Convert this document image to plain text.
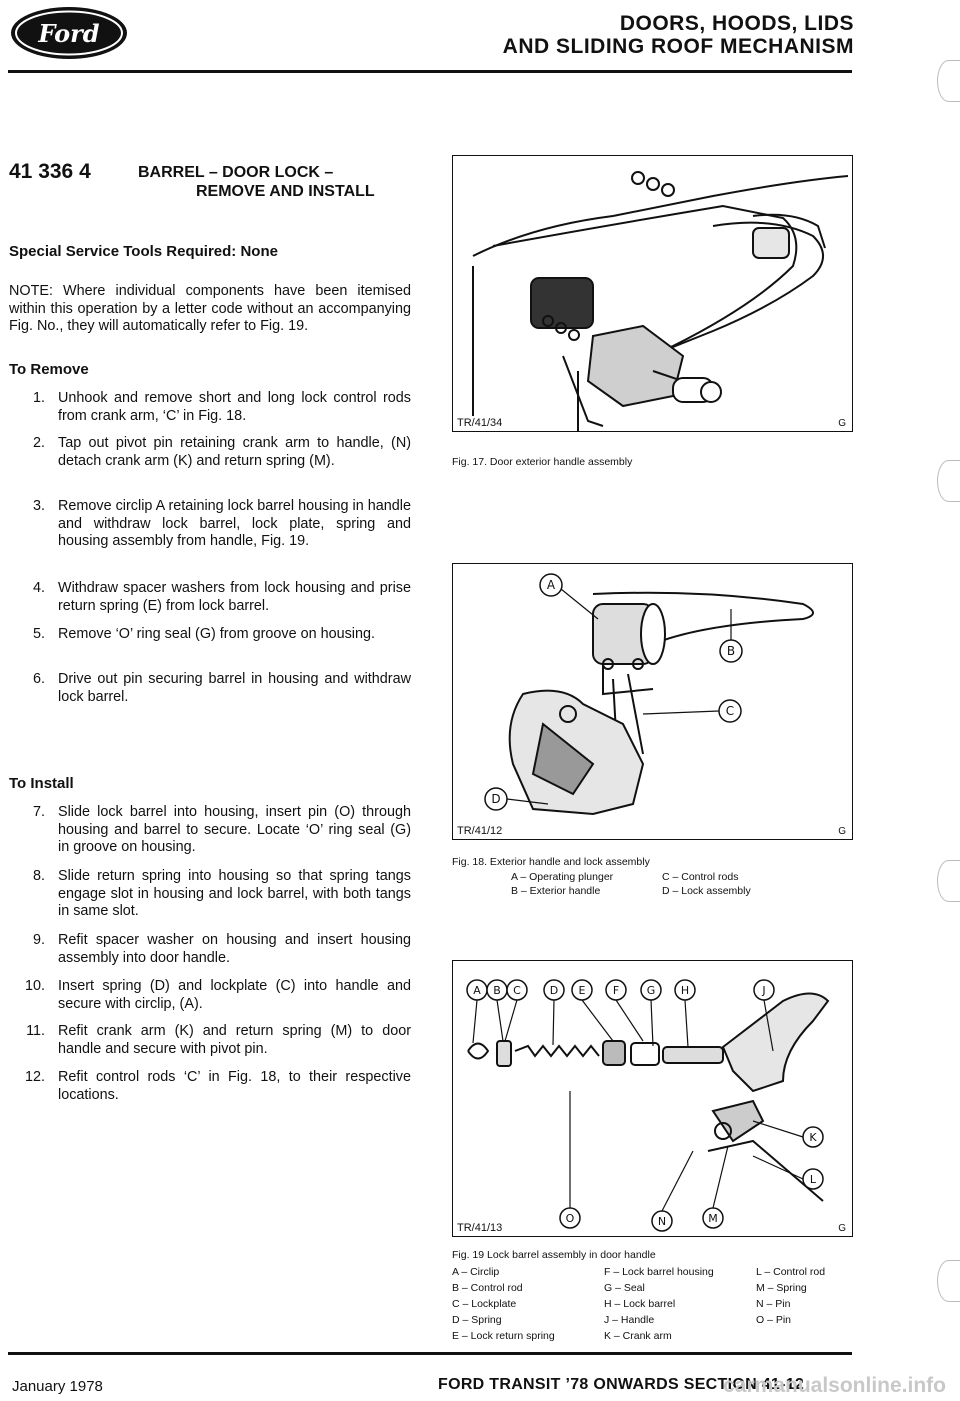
Ford	DOORS, HOODS, LIDS
AND SLIDING ROOF MECHANISM
41 336 4	BARREL – DOOR LOCK –
REMOVE AND INSTALL
Special Service Tools Required: None
NOTE: Where individual components have been itemised within this operation by a letter code without an accompanying Fig. No., they will automatically refer to Fig. 19.
To Remove
1. Unhook and remove short and long lock control rods from crank arm, ‘C’ in Fig. 18.
2. Tap out pivot pin retaining crank arm to handle, (N) detach crank arm (K) and return spring (M).
3. Remove circlip A retaining lock barrel housing in handle and withdraw lock barrel, lock plate, spring and housing assembly from handle, Fig. 19.
4. Withdraw spacer washers from lock housing and prise return spring (E) from lock barrel.
5. Remove ‘O’ ring seal (G) from groove on housing.
6. Drive out pin securing barrel in housing and withdraw lock barrel.
To Install
7. Slide lock barrel into housing, insert pin (O) through housing and barrel to secure. Locate ‘O’ ring seal (G) in groove on housing.
8. Slide return spring into housing so that spring tangs engage slot in housing and lock barrel, with both tangs in same slot.
9. Refit spacer washer on housing and insert housing assembly into door handle.
10. Insert spring (D) and lockplate (C) into handle and secure with circlip, (A).
11. Refit crank arm (K) and return spring (M) to door handle and secure with pivot pin.
12. Refit control rods ‘C’ in Fig. 18, to their respective locations.
TR/41/34	G
Fig. 17. Door exterior handle assembly
A
B
C
D
TR/41/12	G
Fig. 18. Exterior handle and lock assembly
A – Operating plunger	C – Control rods
B – Exterior handle	D – Lock assembly
A B C	D E F	G H	J
K
L
O	N	M
TR/41/13	G
Fig. 19 Lock barrel assembly in door handle
A – Circlip
B – Control rod
C – Lockplate
D – Spring
E – Lock return spring
F – Lock barrel housing
G – Seal
H – Lock barrel
J – Handle
K – Crank arm
L – Control rod
M – Spring
N – Pin
O – Pin
January 1978	FORD TRANSIT ’78 ONWARDS SECTION 41-12
carmanualsonline.info
